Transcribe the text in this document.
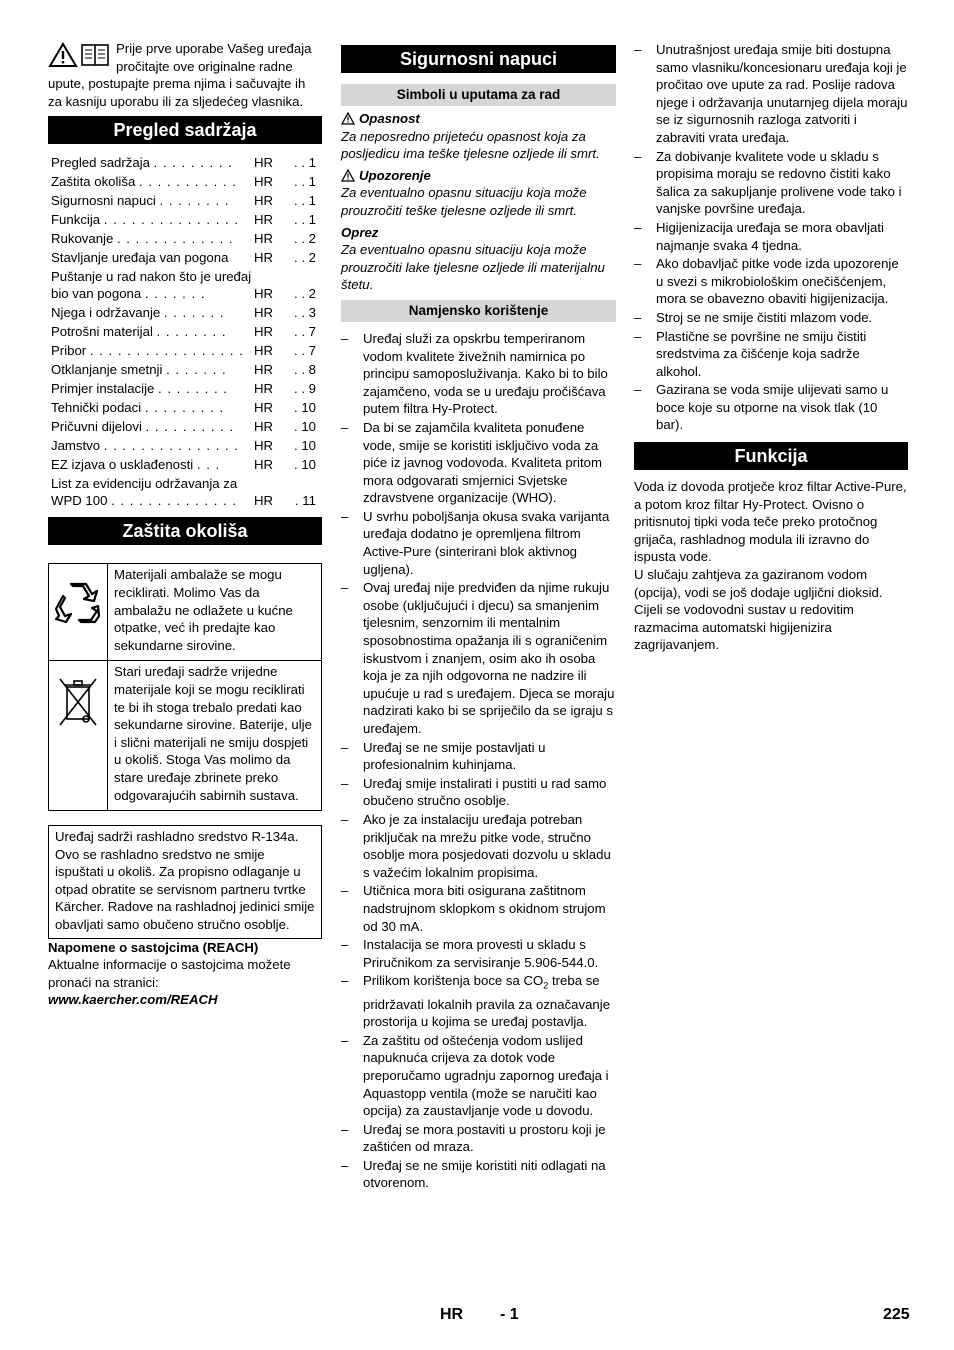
Prije prve uporabe Vašeg uređaja pročitajte ove originalne radne upute, postupajte prema njima i sačuvajte ih za kasniju uporabu ili za sljedećeg vlasnika.

Pregled sadržaja
Pregled sadržaja . . . . . . . . . HR	. . 1
Zaštita okoliša . . . . . . . . . . . HR	. . 1
Sigurnosni napuci . . . . . . . . HR	. . 1
Funkcija . . . . . . . . . . . . . . . HR	. . 1
Rukovanje . . . . . . . . . . . . . HR	. . 2
Stavljanje uređaja van pogona HR	. . 2
Puštanje u rad nakon što je uređaj bio van pogona . . . . . . .	HR	. . 2
Njega i održavanje . . . . . . . HR	. . 3
Potrošni materijal . . . . . . . . HR	. . 7
Pribor . . . . . . . . . . . . . . . . . HR	. . 7
Otklanjanje smetnji . . . . . . . HR	. . 8
Primjer instalacije . . . . . . . . HR	. . 9
Tehnički podaci . . . . . . . . . HR	. 10
Pričuvni dijelovi . . . . . . . . . . HR	. 10
Jamstvo . . . . . . . . . . . . . . . HR	. 10
EZ izjava o usklađenosti . . .	HR	. 10
List za evidenciju održavanja za WPD 100 . . . . . . . . . . . . . .	HR	. 11
Zaštita okoliša
	Materijali ambalaže se mogu reciklirati. Molimo Vas da ambalažu ne odlažete u kućne otpatke, već ih predajte kao sekundarne sirovine.
	Stari uređaji sadrže vrijedne materijale koji se mogu reciklirati te bi ih stoga trebalo predati kao sekundarne sirovine. Baterije, ulje i slični materijali ne smiju dospjeti u okoliš. Stoga Vas molimo da stare uređaje zbrinete preko odgovarajućih sabirnih sustava.

Uređaj sadrži rashladno sredstvo R-134a. Ovo se rashladno sredstvo ne smije ispuštati u okoliš. Za propisno odlaganje u otpad obratite se servisnom partneru tvrtke Kärcher. Radove na rashladnoj jedinici smije obavljati samo obučeno stručno osoblje.

Napomene o sastojcima (REACH)

Aktualne informacije o sastojcima možete pronaći na stranici:

www.kaercher.com/REACH

Sigurnosni napuci
Simboli u uputama za rad
Opasnost

Za neposredno prijeteću opasnost koja za posljedicu ima teške tjelesne ozljede ili smrt.

Upozorenje

Za eventualno opasnu situaciju koja može prouzročiti teške tjelesne ozljede ili smrt.

Oprez

Za eventualno opasnu situaciju koja može prouzročiti lake tjelesne ozljede ili materijalnu štetu.

Namjensko korištenje
– Uređaj služi za opskrbu temperiranom vodom kvalitete živežnih namirnica po principu samoposluživanja. Kako bi to bilo zajamčeno, voda se u uređaju pročišćava putem filtra Hy-Protect.
– Da bi se zajamčila kvaliteta ponuđene vode, smije se koristiti isključivo voda za piće iz javnog vodovoda. Kvaliteta pritom mora odgovarati smjernici Svjetske zdravstvene organizacije (WHO).
– U svrhu poboljšanja okusa svaka varijanta uređaja dodatno je opremljena filtrom Active-Pure (sinterirani blok aktivnog ugljena).
– Ovaj uređaj nije predviđen da njime rukuju osobe (uključujući i djecu) sa smanjenim tjelesnim, senzornim ili mentalnim sposobnostima opažanja ili s ograničenim iskustvom i znanjem, osim ako ih osoba koja je za njih odgovorna ne nadzire ili upućuje u rad s uređajem. Djeca se moraju nadzirati kako bi se spriječilo da se igraju s uređajem.
– Uređaj se ne smije postavljati u profesionalnim kuhinjama.
– Uređaj smije instalirati i pustiti u rad samo obučeno stručno osoblje.
– Ako je za instalaciju uređaja potreban priključak na mrežu pitke vode, stručno osoblje mora posjedovati dozvolu u skladu s važećim lokalnim propisima.
– Utičnica mora biti osigurana zaštitnom nadstrujnom sklopkom s okidnom strujom od 30 mA.
– Instalacija se mora provesti u skladu s Priručnikom za servisiranje 5.906-544.0.
– Prilikom korištenja boce sa $CO_2$ treba se pridržavati lokalnih pravila za označavanje prostorija u kojima se uređaj postavlja.
– Za zaštitu od oštećenja vodom uslijed napuknuća crijeva za dotok vode preporučamo ugradnju zapornog uređaja i Aquastopp ventila (može se naručiti kao opcija) za zaustavljanje vode u dovodu.
– Uređaj se mora postaviti u prostoru koji je zaštićen od mraza.
– Uređaj se ne smije koristiti niti odlagati na otvorenom.
– Unutrašnjost uređaja smije biti dostupna samo vlasniku/koncesionaru uređaja koji je pročitao ove upute za rad. Poslije radova njege i održavanja unutarnjeg dijela moraju se iz sigurnosnih razloga zatvoriti i zabraviti vrata uređaja.
– Za dobivanje kvalitete vode u skladu s propisima moraju se redovno čistiti kako šalica za sakupljanje prolivene vode tako i vanjske površine uređaja.
– Higijenizacija uređaja se mora obavljati najmanje svaka 4 tjedna.
– Ako dobavljač pitke vode izda upozorenje u svezi s mikrobiološkim onečišćenjem, mora se obavezno obaviti higijenizacija.
– Stroj se ne smije čistiti mlazom vode.
– Plastične se površine ne smiju čistiti sredstvima za čišćenje koja sadrže alkohol.
– Gazirana se voda smije ulijevati samo u boce koje su otporne na visok tlak (10 bar).
Funkcija

Voda iz dovoda protječe kroz filtar Active-Pure, a potom kroz filtar Hy-Protect. Ovisno o pritisnutoj tipki voda teče preko protočnog grijača, rashladnog modula ili izravno do ispusta vode.

U slučaju zahtjeva za gaziranom vodom (opcija), vodi se još dodaje ugljični dioksid. Cijeli se vodovodni sustav u redovitim razmacima automatski higijenizira zagrijavanjem.

HR - 1	225
